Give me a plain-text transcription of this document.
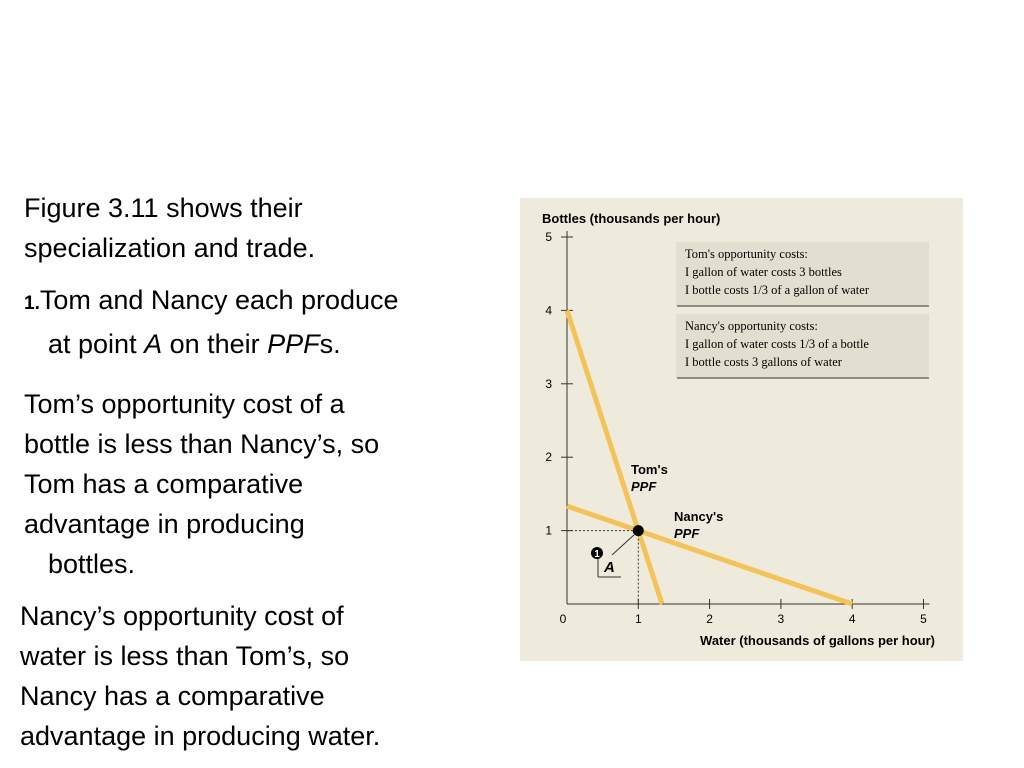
Figure 3.11 shows their
specialization and trade.
1.Tom and Nancy each produce
at point A on their PPFs.
Tom’s opportunity cost of a
bottle is less than Nancy’s, so
Tom has a comparative
advantage in producing
bottles.
Nancy’s opportunity cost of
water is less than Tom’s, so
Nancy has a comparative
advantage in producing water.
Bottles (thousands per hour)
Tom's opportunity costs:
I gallon of water costs 3 bottles
I bottle costs 1/3 of a gallon of water
Nancy's opportunity costs:
I gallon of water costs 1/3 of a bottle
I bottle costs 3 gallons of water
1
2
3
4
5
0	1	2	3	4	5
A
1
Tom's
PPF
Nancy's
PPF
Water (thousands of gallons per hour)
